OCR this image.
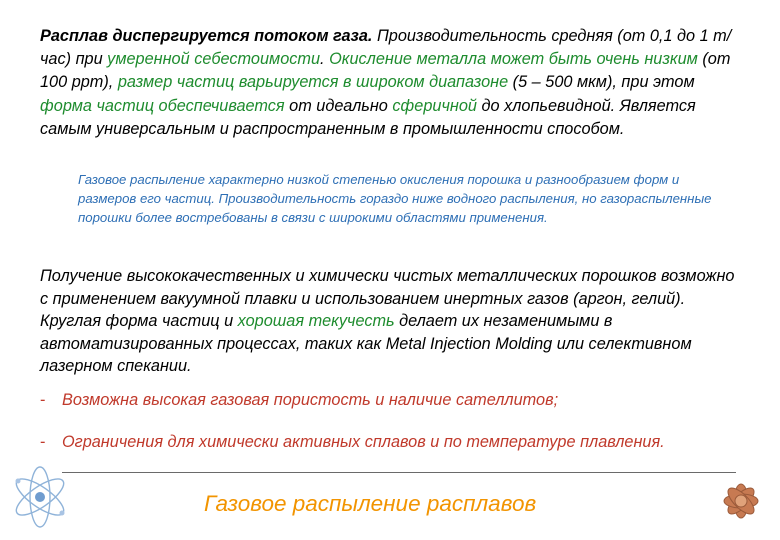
Расплав диспергируется потоком газа. Производительность средняя (от 0,1 до 1 т/час) при умеренной себестоимости. Окисление металла может быть очень низким (от 100 ppm), размер частиц варьируется в широком диапазоне (5 – 500 мкм), при этом форма частиц обеспечивается от идеально сферичной до хлопьевидной. Является самым универсальным и распространенным в промышленности способом.
Газовое распыление характерно низкой степенью окисления порошка и разнообразием форм и размеров его частиц. Производительность гораздо ниже водного распыления, но газораспыленные порошки более востребованы в связи с широкими областями применения.
Получение высококачественных и химически чистых металлических порошков возможно с применением вакуумной плавки и использованием инертных газов (аргон, гелий). Круглая форма частиц и хорошая текучесть делает их незаменимыми в автоматизированных процессах, таких как Metal Injection Molding или селективном лазерном спекании.
- Возможна высокая газовая пористость и наличие сателлитов;
- Ограничения для химически активных сплавов и по температуре плавления.
Газовое распыление расплавов
